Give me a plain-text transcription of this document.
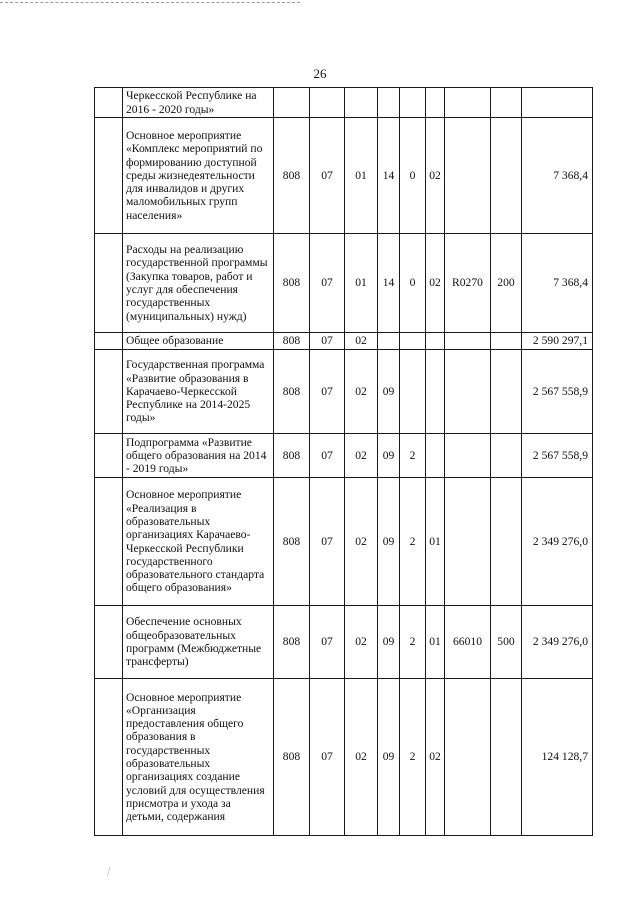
26
	Черкесской Республике на 2016 - 2020 годы»									
	Основное мероприятие «Комплекс мероприятий по формированию доступной среды жизнедеятельности для инвалидов и других маломобильных групп населения»	808	07	01	14	0	02			7 368,4
	Расходы на реализацию государственной программы (Закупка товаров, работ и услуг для обеспечения государственных (муниципальных) нужд)	808	07	01	14	0	02	R0270	200	7 368,4
	Общее образование	808	07	02						2 590 297,1
	Государственная программа «Развитие образования в Карачаево-Черкесской Республике на 2014-2025 годы»	808	07	02	09					2 567 558,9
	Подпрограмма «Развитие общего образования на 2014 - 2019 годы»	808	07	02	09	2				2 567 558,9
	Основное мероприятие «Реализация в образовательных организациях Карачаево-Черкесской Республики государственного образовательного стандарта общего образования»	808	07	02	09	2	01			2 349 276,0
	Обеспечение основных общеобразовательных программ (Межбюджетные трансферты)	808	07	02	09	2	01	66010	500	2 349 276,0
	Основное мероприятие «Организация предоставления общего образования в государственных образовательных организациях создание условий для осуществления присмотра и ухода за детьми, содержания	808	07	02	09	2	02			124 128,7
⁄
